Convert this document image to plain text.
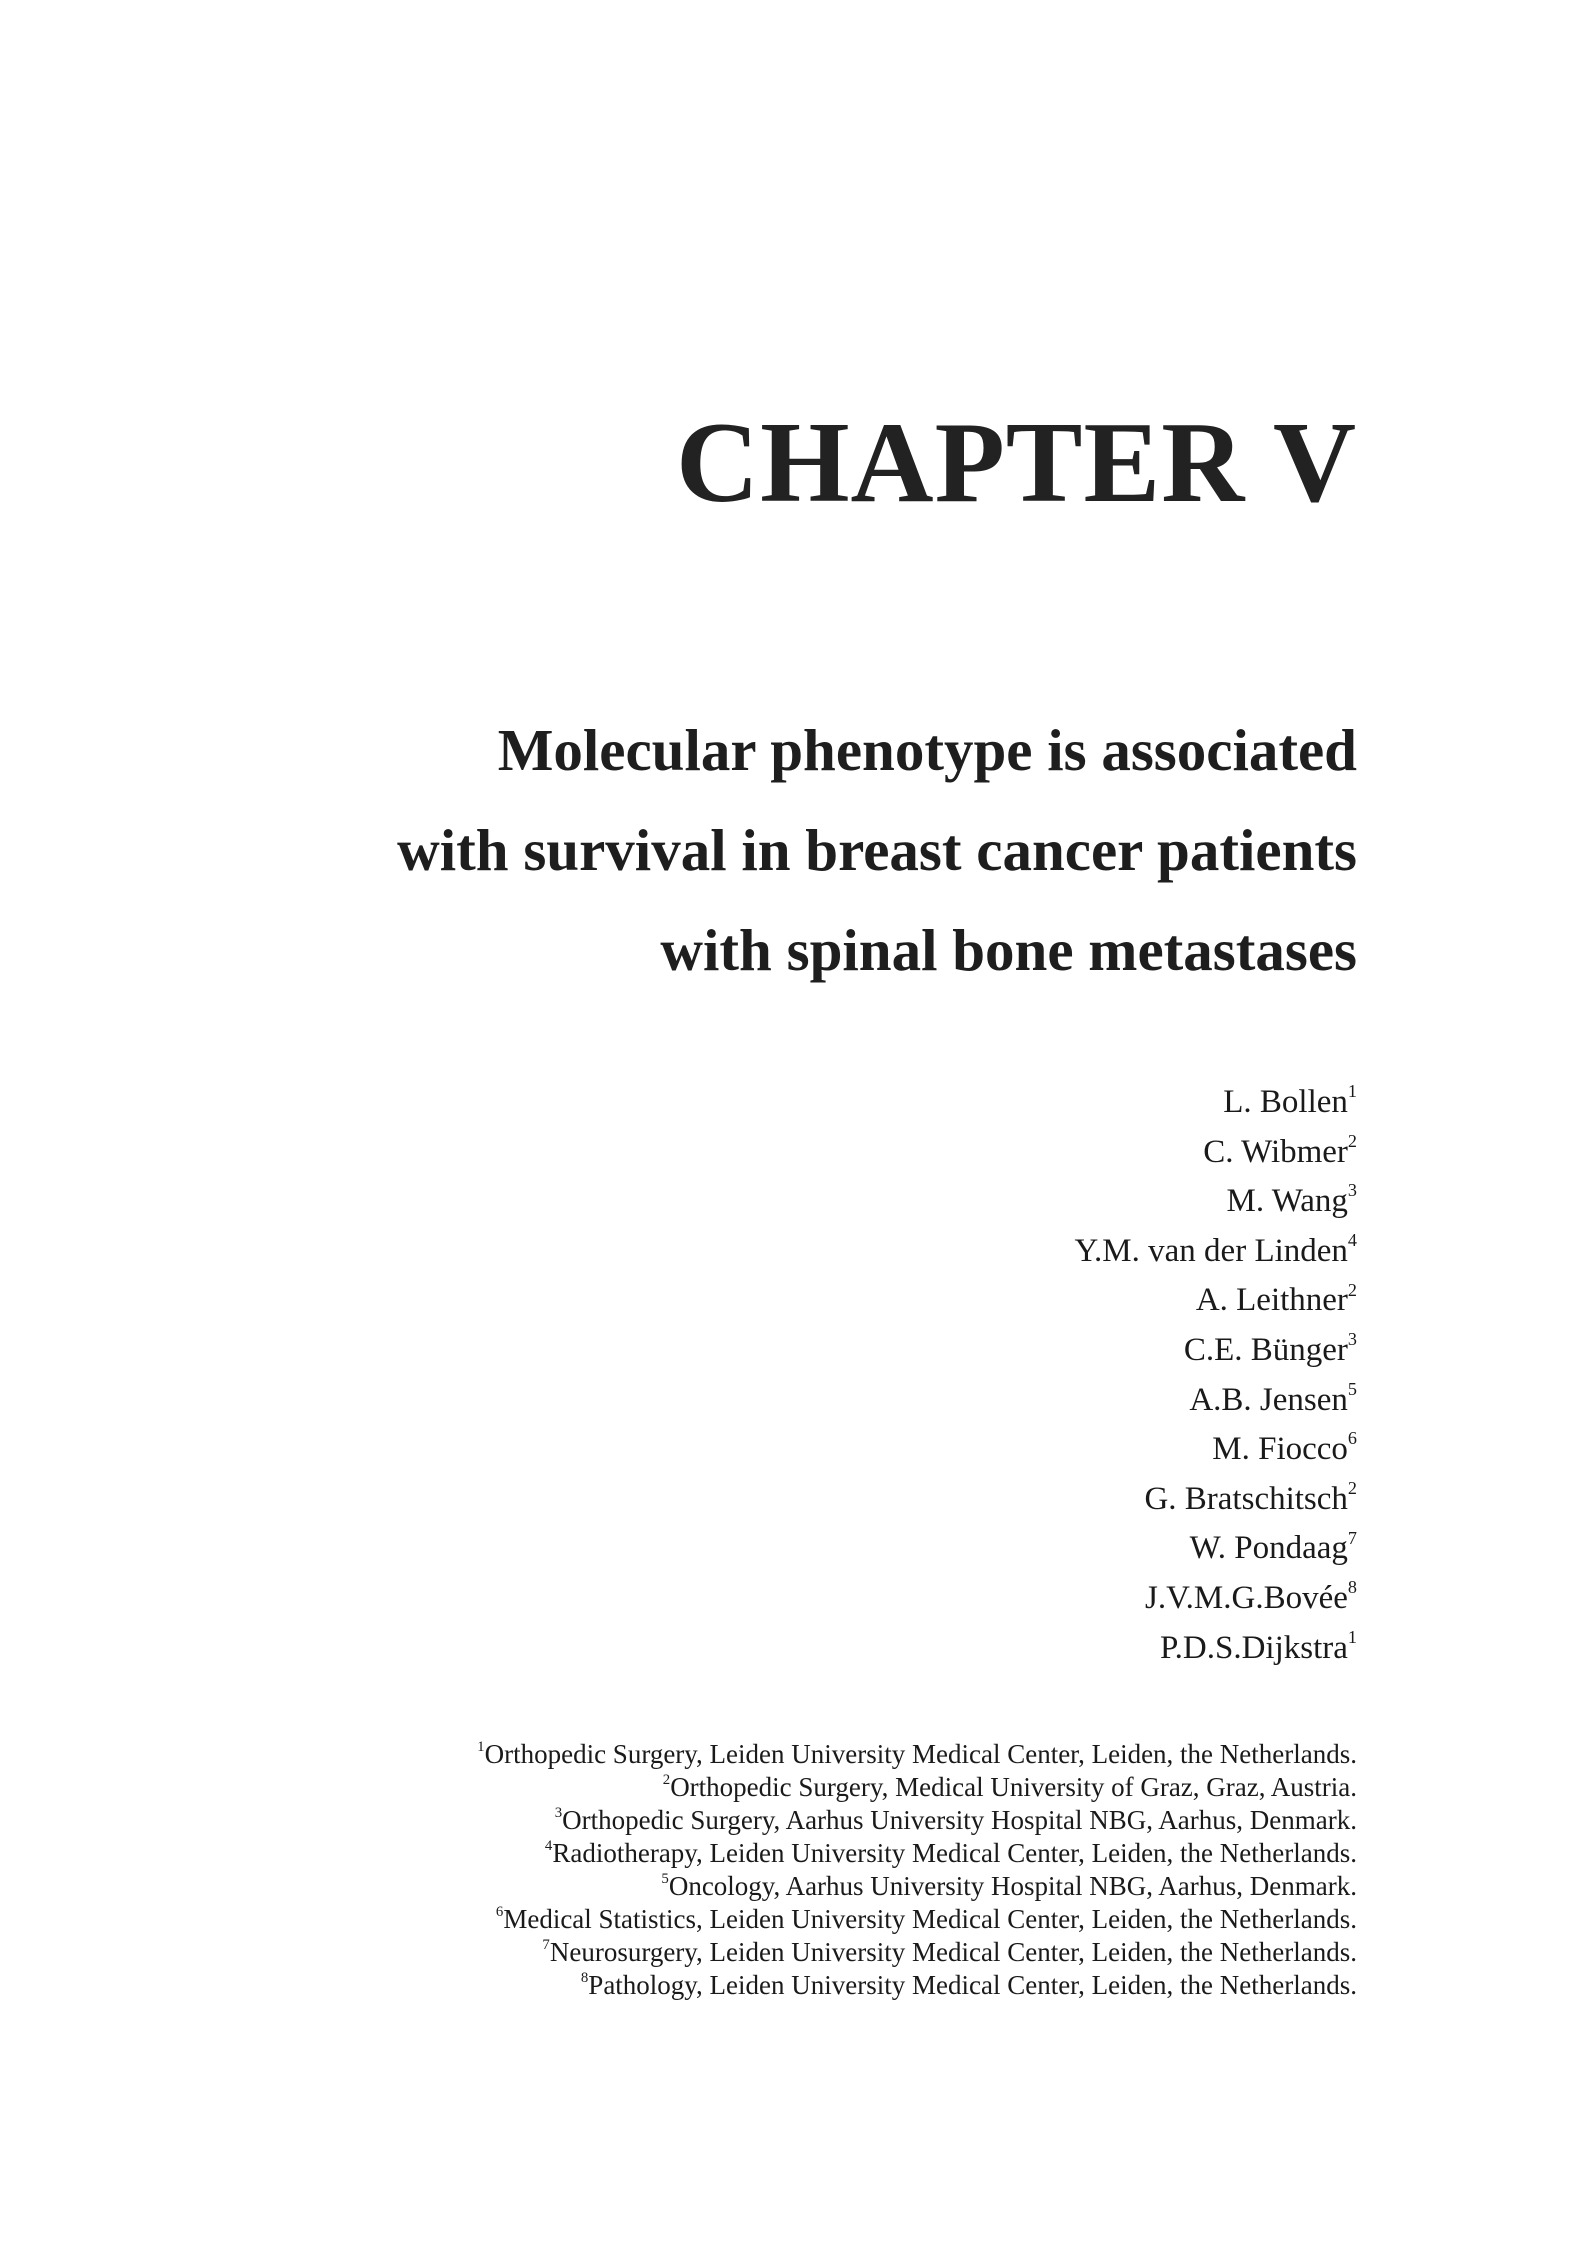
CHAPTER V
Molecular phenotype is associated
with survival in breast cancer patients
with spinal bone metastases
L. Bollen$^1$
C. Wibmer$^2$
M. Wang$^3$
Y.M. van der Linden$^4$
A. Leithner$^2$
C.E. Bünger$^3$
A.B. Jensen$^5$
M. Fiocco$^6$
G. Bratschitsch$^2$
W. Pondaag$^7$
J.V.M.G.Bovée$^8$
P.D.S.Dijkstra$^1$
$^1$Orthopedic Surgery, Leiden University Medical Center, Leiden, the Netherlands.
$^2$Orthopedic Surgery, Medical University of Graz, Graz, Austria.
$^3$Orthopedic Surgery, Aarhus University Hospital NBG, Aarhus, Denmark.
$^4$Radiotherapy, Leiden University Medical Center, Leiden, the Netherlands.
$^5$Oncology, Aarhus University Hospital NBG, Aarhus, Denmark.
$^6$Medical Statistics, Leiden University Medical Center, Leiden, the Netherlands.
$^7$Neurosurgery, Leiden University Medical Center, Leiden, the Netherlands.
$^8$Pathology, Leiden University Medical Center, Leiden, the Netherlands.
